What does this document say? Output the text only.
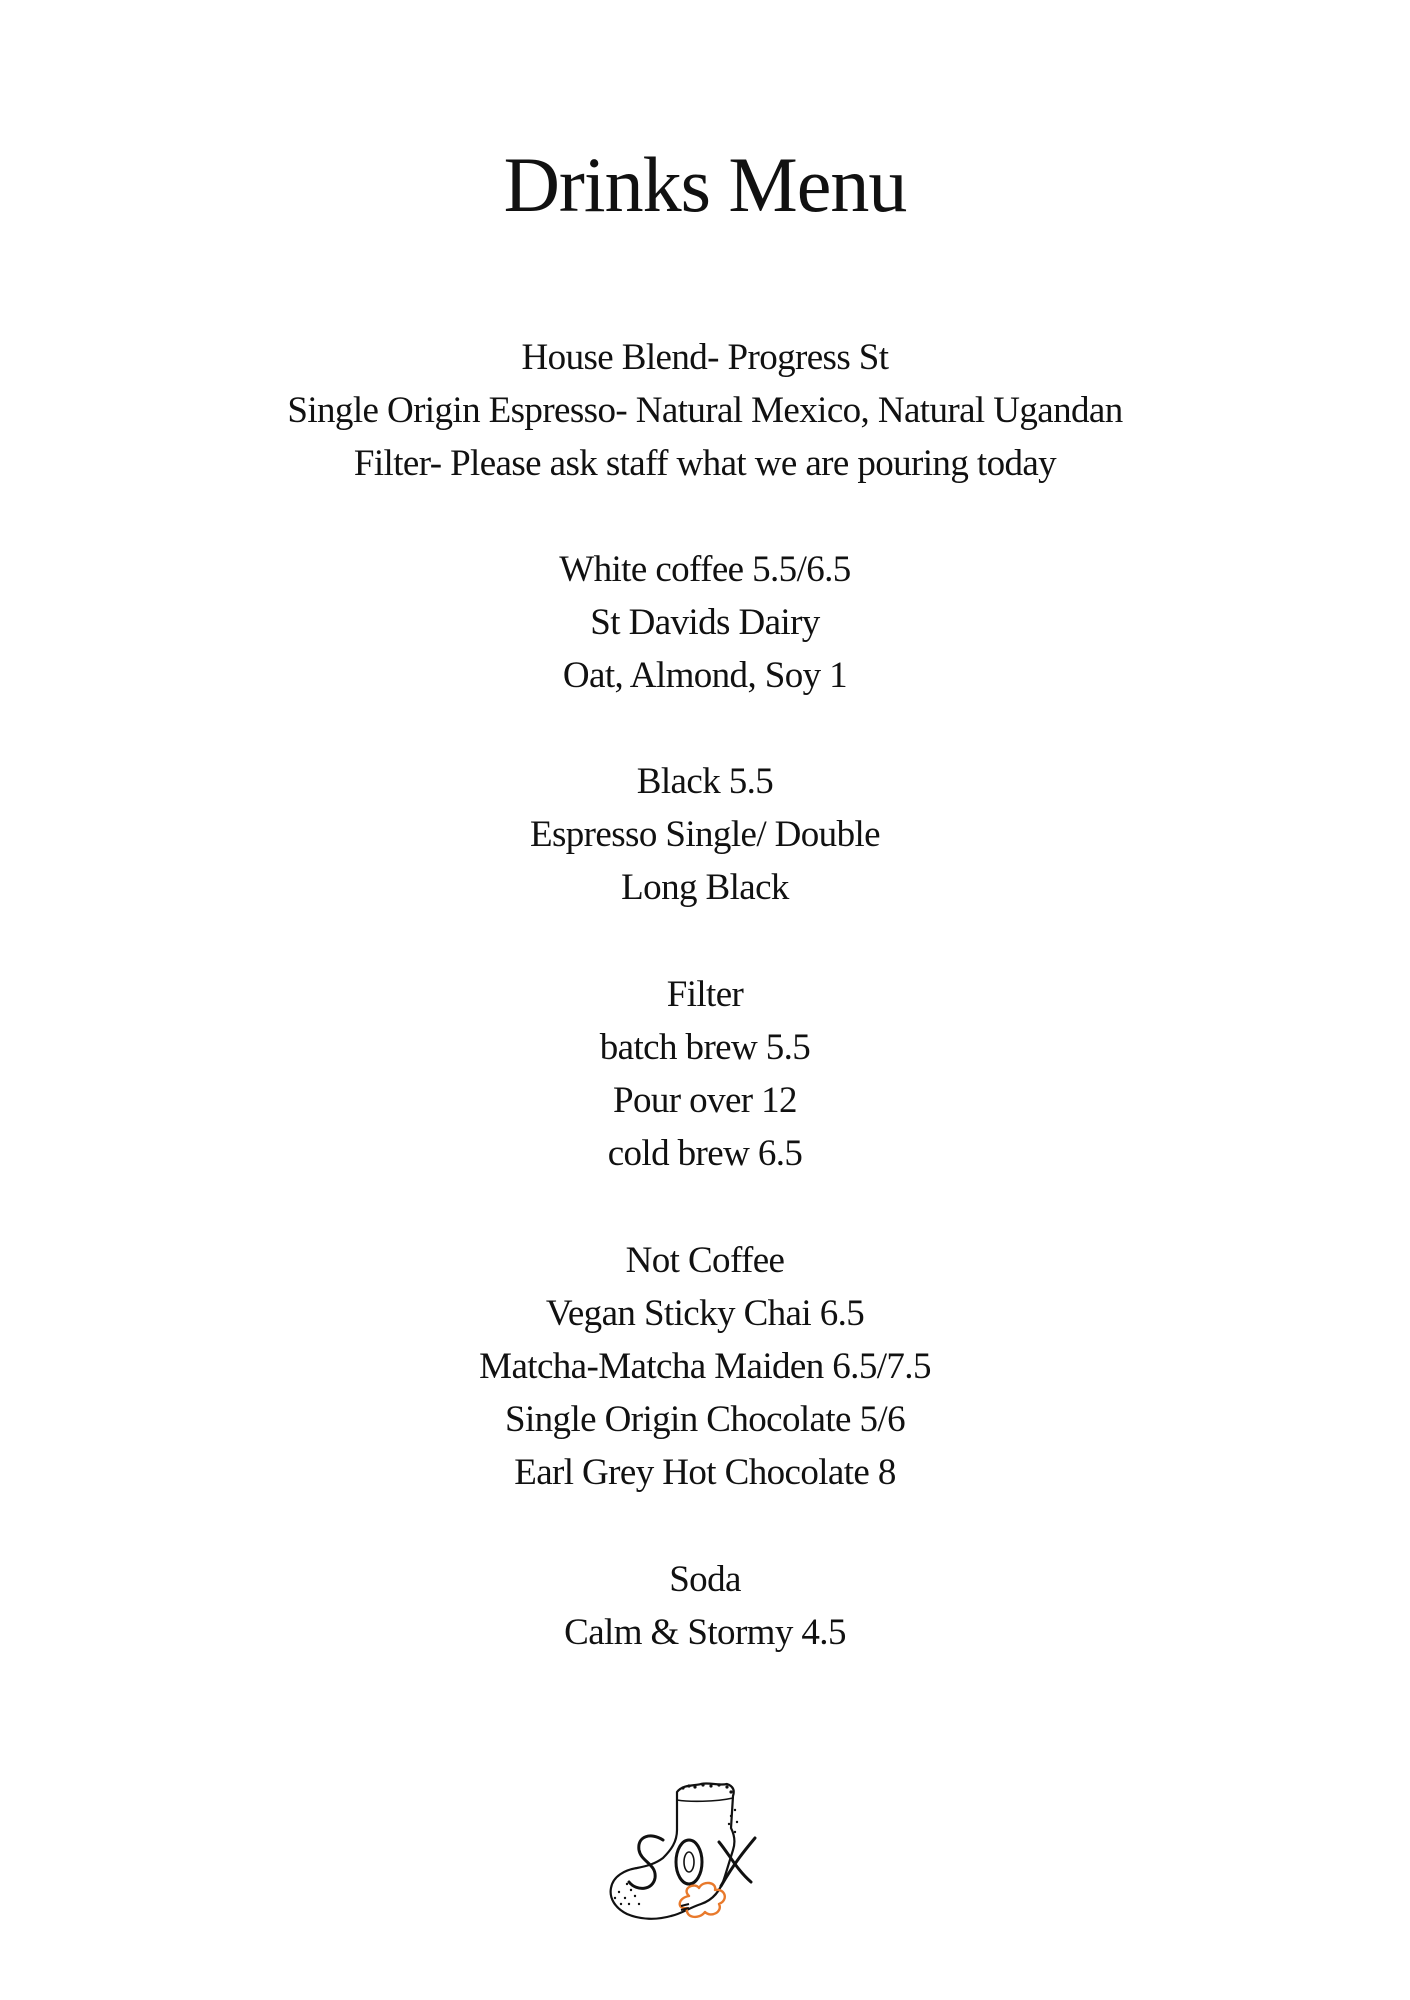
Drinks Menu
House Blend- Progress St
Single Origin Espresso- Natural Mexico, Natural Ugandan
Filter- Please ask staff what we are pouring today
White coffee 5.5/6.5
St Davids Dairy
Oat, Almond, Soy 1
Black 5.5
Espresso Single/ Double
Long Black
Filter
batch brew 5.5
Pour over 12
cold brew 6.5
Not Coffee
Vegan Sticky Chai 6.5
Matcha-Matcha Maiden 6.5/7.5
Single Origin Chocolate 5/6
Earl Grey Hot Chocolate 8
Soda
Calm & Stormy 4.5
